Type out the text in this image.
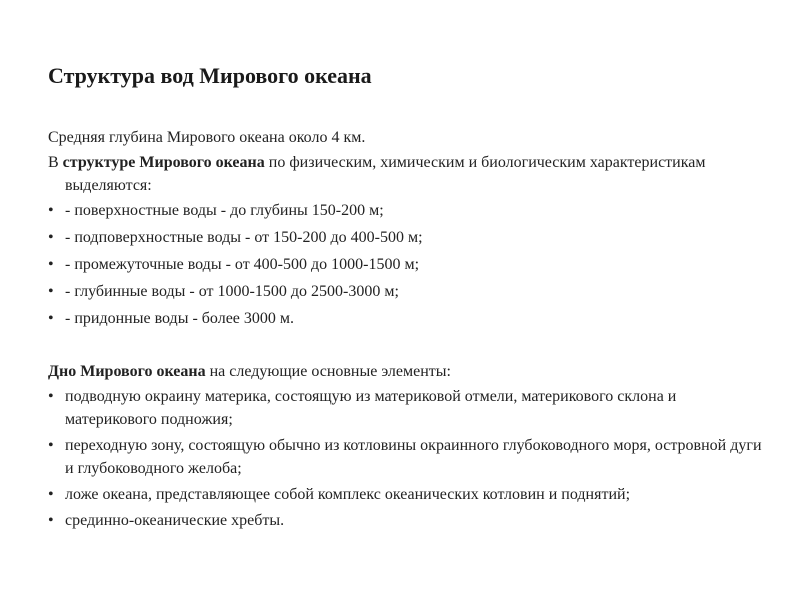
Структура вод Мирового океана

Средняя глубина Мирового океана около 4 км.

В структуре Мирового океана по физическим, химическим и биологическим характеристикам выделяются:

• - поверхностные воды - до глубины 150-200 м;
• - подповерхностные воды - от 150-200 до 400-500 м;
• - промежуточные воды - от 400-500 до 1000-1500 м;
• - глубинные воды - от 1000-1500 до 2500-3000 м;
• - придонные воды - более 3000 м.

Дно Мирового океана на следующие основные элементы:

• подводную окраину материка, состоящую из материковой отмели, материкового склона и материкового подножия;
• переходную зону, состоящую обычно из котловины окраинного глубоководного моря, островной дуги и глубоководного желоба;
• ложе океана, представляющее собой комплекс океанических котловин и поднятий;
• срединно-океанические хребты.
